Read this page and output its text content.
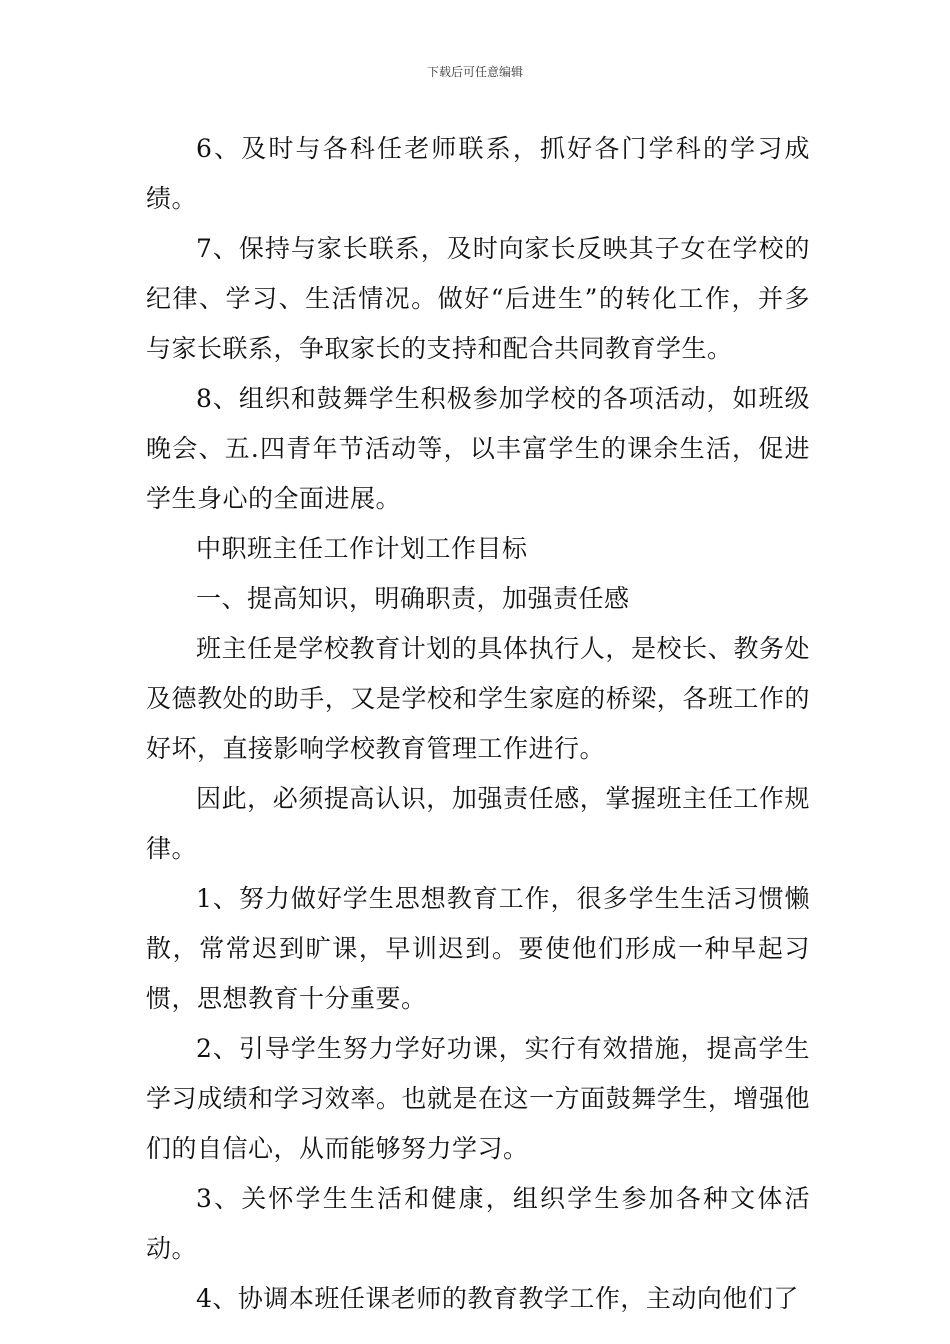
下载后可任意编辑

6、及时与各科任老师联系，抓好各门学科的学习成绩。

7、保持与家长联系，及时向家长反映其子女在学校的纪律、学习、生活情况。做好“后进生”的转化工作，并多与家长联系，争取家长的支持和配合共同教育学生。

8、组织和鼓舞学生积极参加学校的各项活动，如班级晚会、五.四青年节活动等，以丰富学生的课余生活，促进学生身心的全面进展。

中职班主任工作计划工作目标

一、提高知识，明确职责，加强责任感

班主任是学校教育计划的具体执行人，是校长、教务处及德教处的助手，又是学校和学生家庭的桥梁，各班工作的好坏，直接影响学校教育管理工作进行。

因此，必须提高认识，加强责任感，掌握班主任工作规律。

1、努力做好学生思想教育工作，很多学生生活习惯懒散，常常迟到旷课，早训迟到。要使他们形成一种早起习惯，思想教育十分重要。

2、引导学生努力学好功课，实行有效措施，提高学生学习成绩和学习效率。也就是在这一方面鼓舞学生，增强他们的自信心，从而能够努力学习。

3、关怀学生生活和健康，组织学生参加各种文体活动。

4、协调本班任课老师的教育教学工作，主动向他们了
